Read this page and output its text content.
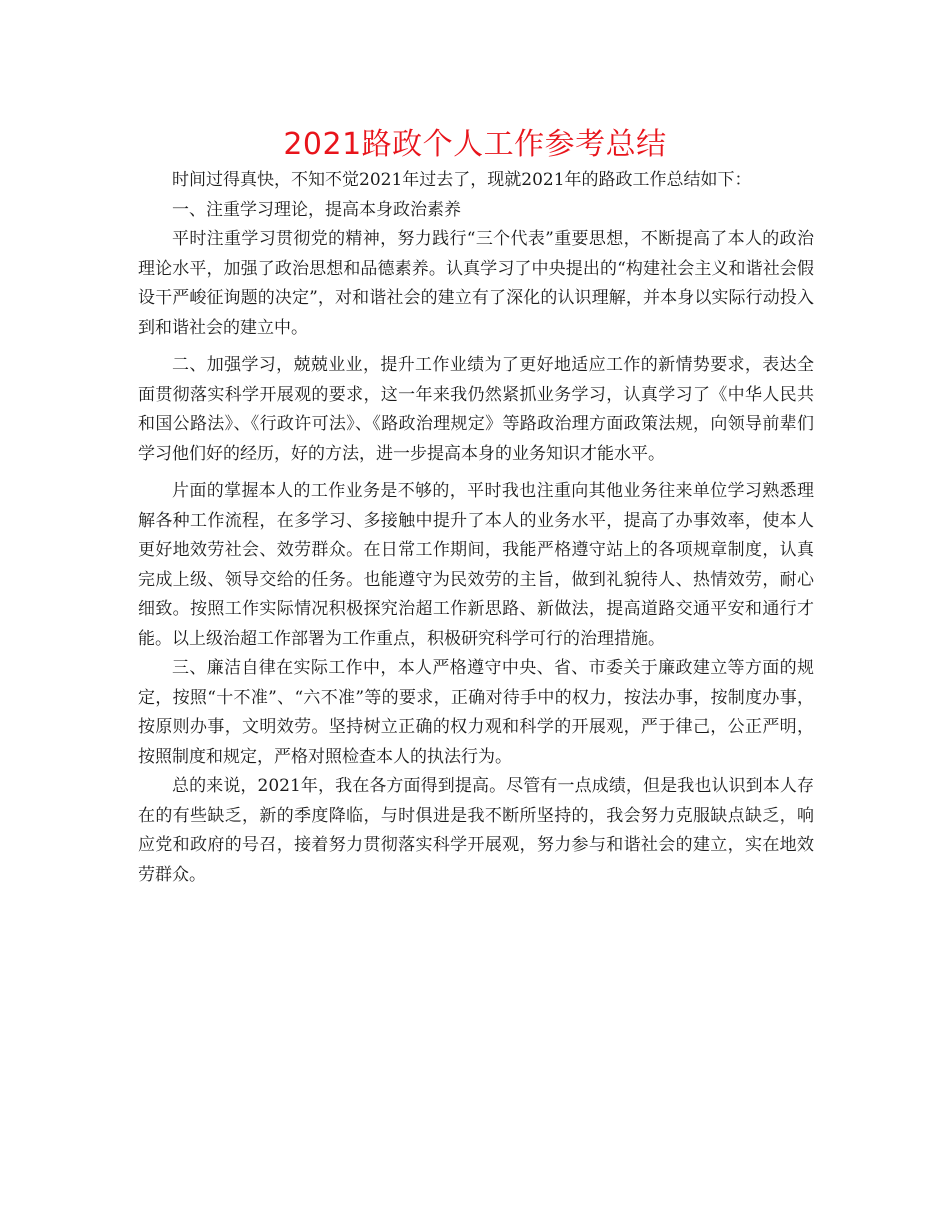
2021路政个人工作参考总结

时间过得真快，不知不觉2021年过去了，现就2021年的路政工作总结如下：

一、注重学习理论，提高本身政治素养

平时注重学习贯彻党的精神，努力践行“三个代表”重要思想，不断提高了本人的政治理论水平，加强了政治思想和品德素养。认真学习了中央提出的“构建社会主义和谐社会假设干严峻征询题的决定”，对和谐社会的建立有了深化的认识理解，并本身以实际行动投入到和谐社会的建立中。

二、加强学习，兢兢业业，提升工作业绩为了更好地适应工作的新情势要求，表达全面贯彻落实科学开展观的要求，这一年来我仍然紧抓业务学习，认真学习了《中华人民共和国公路法》、《行政许可法》、《路政治理规定》等路政治理方面政策法规，向领导前辈们学习他们好的经历，好的方法，进一步提高本身的业务知识才能水平。

片面的掌握本人的工作业务是不够的，平时我也注重向其他业务往来单位学习熟悉理解各种工作流程，在多学习、多接触中提升了本人的业务水平，提高了办事效率，使本人更好地效劳社会、效劳群众。在日常工作期间，我能严格遵守站上的各项规章制度，认真完成上级、领导交给的任务。也能遵守为民效劳的主旨，做到礼貌待人、热情效劳，耐心细致。按照工作实际情况积极探究治超工作新思路、新做法，提高道路交通平安和通行才能。以上级治超工作部署为工作重点，积极研究科学可行的治理措施。

三、廉洁自律在实际工作中，本人严格遵守中央、省、市委关于廉政建立等方面的规定，按照“十不准”、“六不准”等的要求，正确对待手中的权力，按法办事，按制度办事，按原则办事，文明效劳。坚持树立正确的权力观和科学的开展观，严于律己，公正严明，按照制度和规定，严格对照检查本人的执法行为。

总的来说，2021年，我在各方面得到提高。尽管有一点成绩，但是我也认识到本人存在的有些缺乏，新的季度降临，与时俱进是我不断所坚持的，我会努力克服缺点缺乏，响应党和政府的号召，接着努力贯彻落实科学开展观，努力参与和谐社会的建立，实在地效劳群众。
